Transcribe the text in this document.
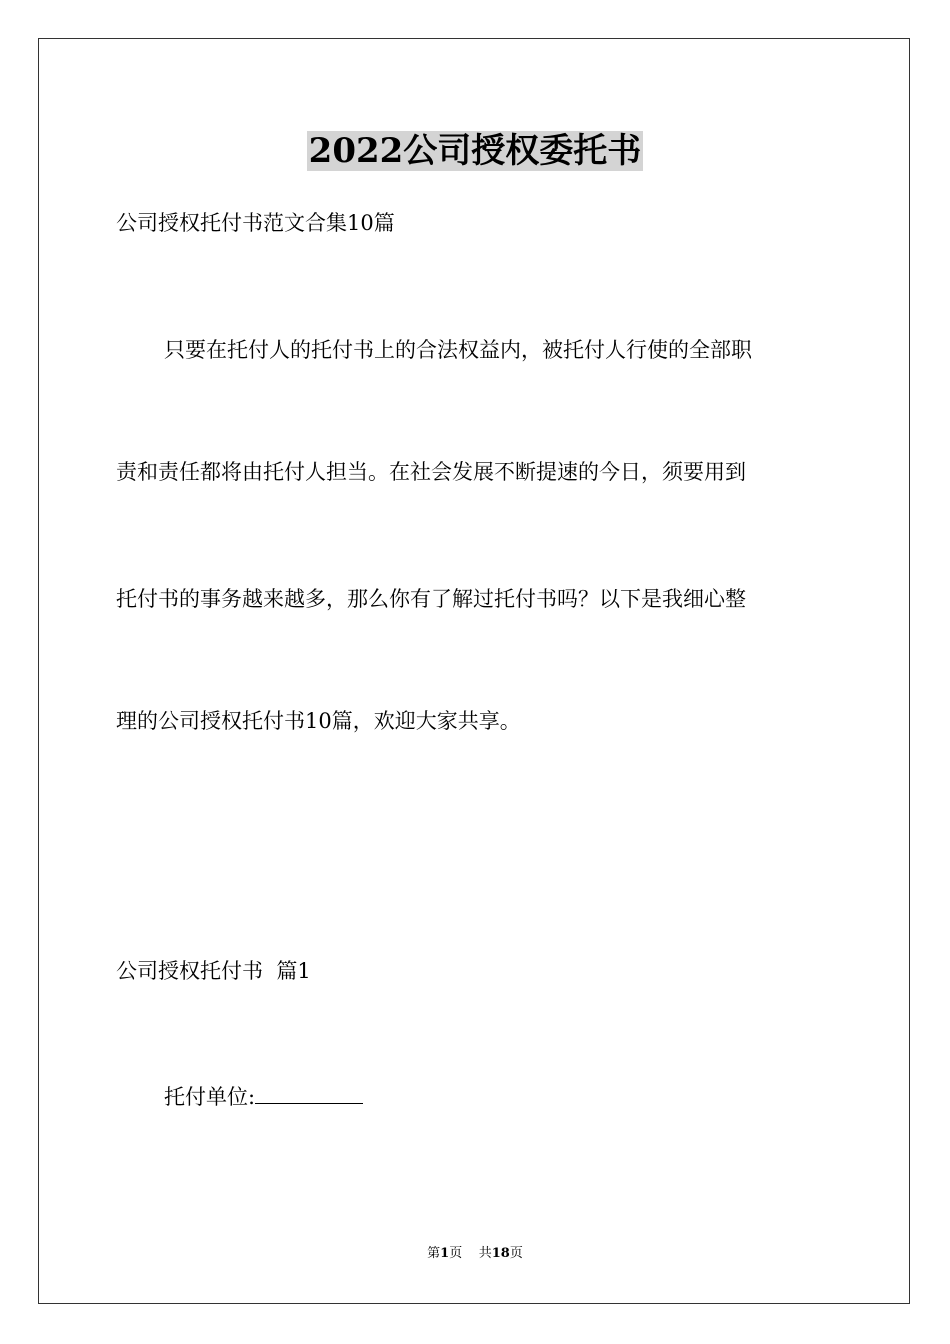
2022公司授权委托书
公司授权托付书范文合集10篇
只要在托付人的托付书上的合法权益内，被托付人行使的全部职
责和责任都将由托付人担当。在社会发展不断提速的今日，须要用到
托付书的事务越来越多，那么你有了解过托付书吗？以下是我细心整
理的公司授权托付书10篇，欢迎大家共享。
公司授权托付书  篇1
托付单位:
第1页 共18页
